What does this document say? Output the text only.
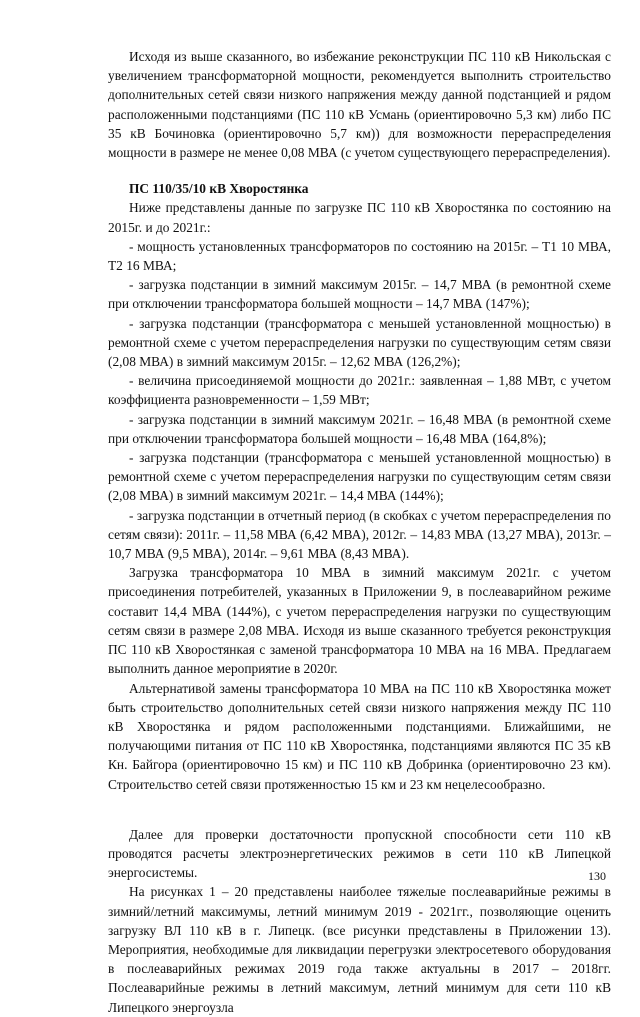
Исходя из выше сказанного, во избежание реконструкции ПС 110 кВ Никольская с увеличением трансформаторной мощности, рекомендуется выполнить строительство дополнительных сетей связи низкого напряжения между данной подстанцией и рядом расположенными подстанциями (ПС 110 кВ Усмань (ориентировочно 5,3 км) либо ПС 35 кВ Бочиновка (ориентировочно 5,7 км)) для возможности перераспределения мощности в размере не менее 0,08 МВА (с учетом существующего перераспределения).

ПС 110/35/10 кВ Хворостянка

Ниже представлены данные по загрузке ПС 110 кВ Хворостянка по состоянию на 2015г. и до 2021г.:

- мощность установленных трансформаторов по состоянию на 2015г. – Т1 10 МВА, Т2 16 МВА;

- загрузка подстанции в зимний максимум 2015г. – 14,7 МВА (в ремонтной схеме при отключении трансформатора большей мощности – 14,7 МВА (147%);

- загрузка подстанции (трансформатора с меньшей установленной мощностью) в ремонтной схеме с учетом перераспределения нагрузки по существующим сетям связи (2,08 МВА) в зимний максимум 2015г. – 12,62 МВА (126,2%);

- величина присоединяемой мощности до 2021г.: заявленная – 1,88 МВт, с учетом коэффициента разновременности – 1,59 МВт;

- загрузка подстанции в зимний максимум 2021г. – 16,48 МВА (в ремонтной схеме при отключении трансформатора большей мощности – 16,48 МВА (164,8%);

- загрузка подстанции (трансформатора с меньшей установленной мощностью) в ремонтной схеме с учетом перераспределения нагрузки по существующим сетям связи (2,08 МВА) в зимний максимум 2021г. – 14,4 МВА (144%);

- загрузка подстанции в отчетный период (в скобках с учетом перераспределения по сетям связи): 2011г. – 11,58 МВА (6,42 МВА), 2012г. – 14,83 МВА (13,27 МВА), 2013г. – 10,7 МВА (9,5 МВА), 2014г. – 9,61 МВА (8,43 МВА).

Загрузка трансформатора 10 МВА в зимний максимум 2021г. с учетом присоединения потребителей, указанных в Приложении 9, в послеаварийном режиме составит 14,4 МВА (144%), с учетом перераспределения нагрузки по существующим сетям связи в размере 2,08 МВА. Исходя из выше сказанного требуется реконструкция ПС 110 кВ Хворостянкая с заменой трансформатора 10 МВА на 16 МВА. Предлагаем выполнить данное мероприятие в 2020г.

Альтернативой замены трансформатора 10 МВА на ПС 110 кВ Хворостянка может быть строительство дополнительных сетей связи низкого напряжения между ПС 110 кВ Хворостянка и рядом расположенными подстанциями. Ближайшими, не получающими питания от ПС 110 кВ Хворостянка, подстанциями являются ПС 35 кВ Кн. Байгора (ориентировочно 15 км) и ПС 110 кВ Добринка (ориентировочно 23 км). Строительство сетей связи протяженностью 15 км и 23 км нецелесообразно.

Далее для проверки достаточности пропускной способности сети 110 кВ проводятся расчеты электроэнергетических режимов в сети 110 кВ Липецкой энергосистемы.

На рисунках 1 – 20 представлены наиболее тяжелые послеаварийные режимы в зимний/летний максимумы, летний минимум 2019 - 2021гг., позволяющие оценить загрузку ВЛ 110 кВ в г. Липецк. (все рисунки представлены в Приложении 13). Мероприятия, необходимые для ликвидации перегрузки электросетевого оборудования в послеаварийных режимах 2019 года также актуальны в 2017 – 2018гг. Послеаварийные режимы в летний максимум, летний минимум для сети 110 кВ Липецкого энергоузла

130
